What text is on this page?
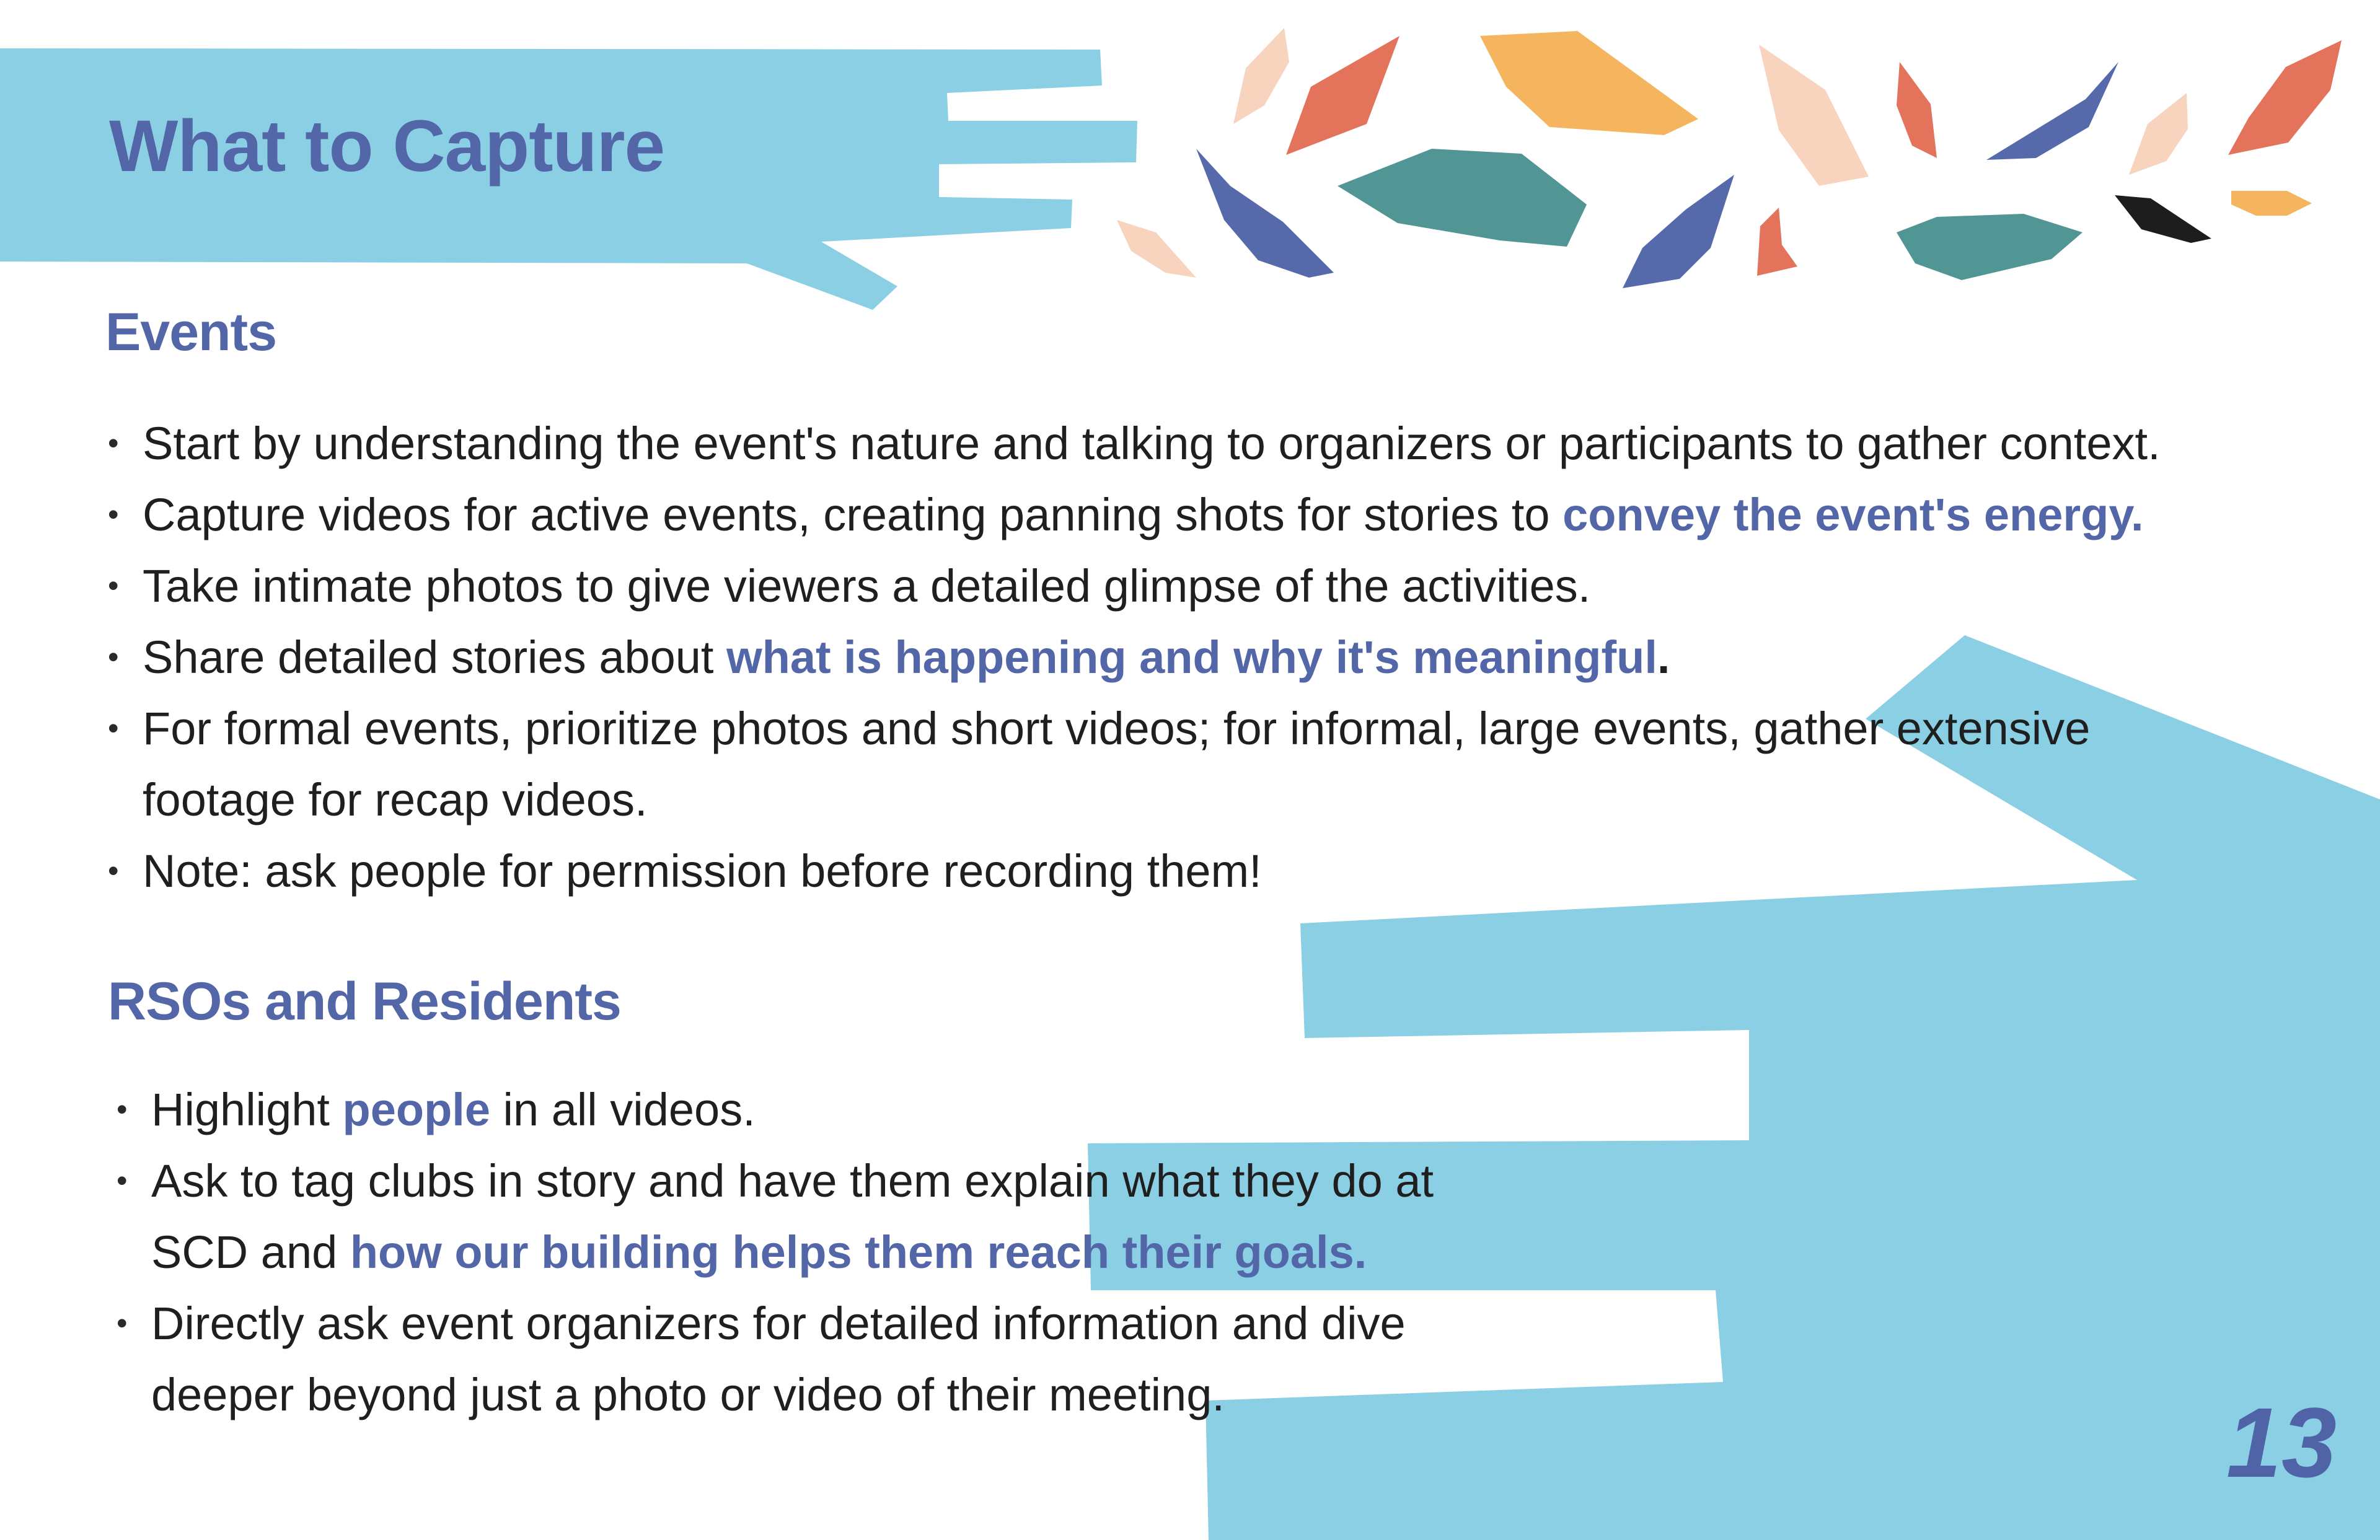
What to Capture
Events
• Start by understanding the event's nature and talking to organizers or participants to gather context.
• Capture videos for active events, creating panning shots for stories to convey the event's energy.
• Take intimate photos to give viewers a detailed glimpse of the activities.
• Share detailed stories about what is happening and why it's meaningful.
• For formal events, prioritize photos and short videos; for informal, large events, gather extensive
footage for recap videos.
• Note: ask people for permission before recording them!
RSOs and Residents
• Highlight people in all videos.
• Ask to tag clubs in story and have them explain what they do at
SCD and how our building helps them reach their goals.
• Directly ask event organizers for detailed information and dive
deeper beyond just a photo or video of their meeting.	13
